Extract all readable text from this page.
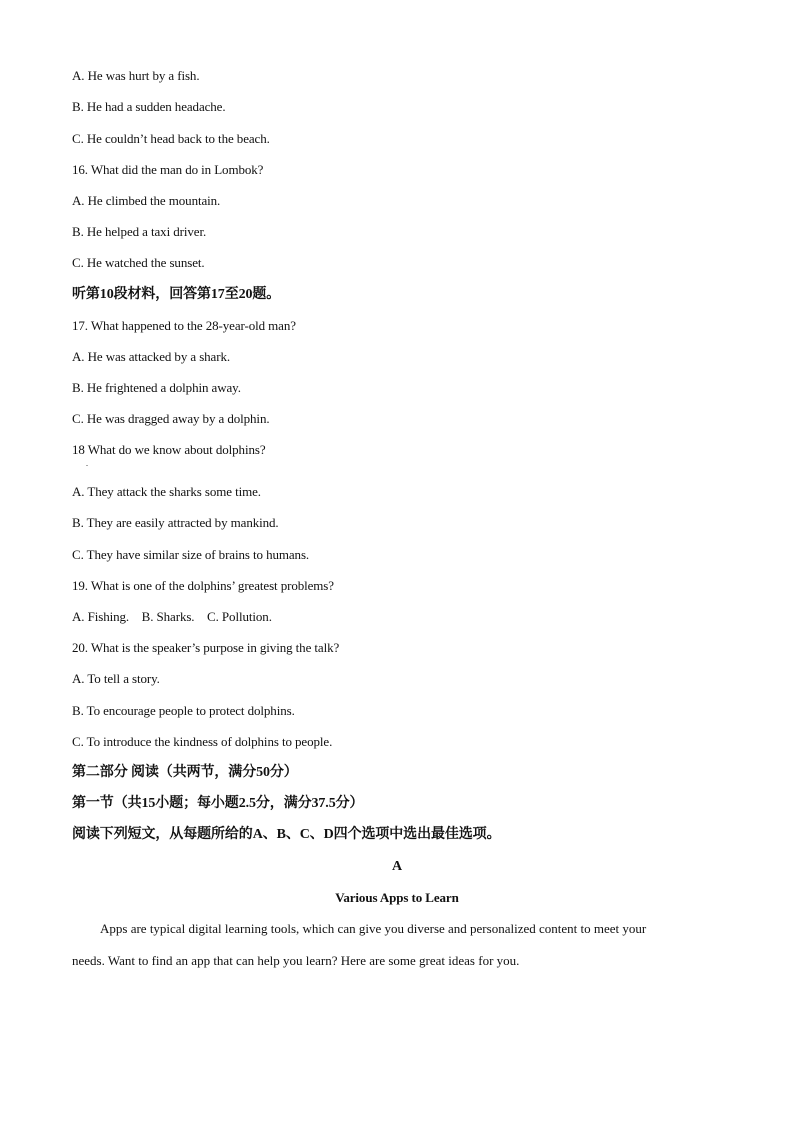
A. He was hurt by a fish.
B. He had a sudden headache.
C. He couldn’t head back to the beach.
16. What did the man do in Lombok?
A. He climbed the mountain.
B. He helped a taxi driver.
C. He watched the sunset.
听第10段材料，回答第17至20题。
17. What happened to the 28-year-old man?
A. He was attacked by a shark.
B. He frightened a dolphin away.
C. He was dragged away by a dolphin.
18 What do we know about dolphins?
.
A. They attack the sharks some time.
B. They are easily attracted by mankind.
C. They have similar size of brains to humans.
19. What is one of the dolphins’ greatest problems?
A. Fishing.    B. Sharks.    C. Pollution.
20. What is the speaker’s purpose in giving the talk?
A. To tell a story.
B. To encourage people to protect dolphins.
C. To introduce the kindness of dolphins to people.
第二部分 阅读（共两节，满分50分）
第一节（共15小题；每小题2.5分，满分37.5分）
阅读下列短文，从每题所给的A、B、C、D四个选项中选出最佳选项。
A
Various Apps to Learn
Apps are typical digital learning tools, which can give you diverse and personalized content to meet your
needs. Want to find an app that can help you learn? Here are some great ideas for you.
